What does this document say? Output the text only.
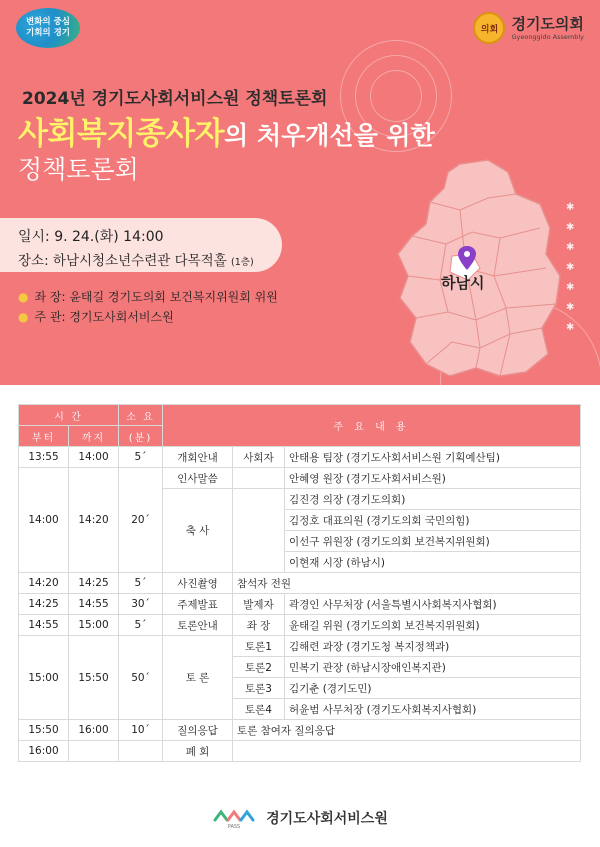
변화의 중심
기회의 경기	의회 경기도의회
Gyeonggido Assembly
2024년 경기도사회서비스원 정책토론회
사회복지종사자의 처우개선을 위한
정책토론회
일시: 9. 24.(화) 14:00
장소: 하남시청소년수련관 다목적홀 (1층)
● 좌 장: 윤태길 경기도의회 보건복지위원회 위원
● 주 관: 경기도사회서비스원
하남시
✱
✱
✱
✱
✱
✱
✱
시 간		소 요	주 요 내 용		
부터	까지	(분)			
13:55	14:00	5´	개회안내	사회자	안태용 팀장 (경기도사회서비스원 기획예산팀)
14:00	14:20	20´	인사말씀		안혜영 원장 (경기도사회서비스원)
			축 사		김진경 의장 (경기도의회)
					김정호 대표의원 (경기도의회 국민의힘)
					이선구 위원장 (경기도의회 보건복지위원회)
					이현재 시장 (하남시)
14:20	14:25	5´	사진촬영	참석자 전원	
14:25	14:55	30´	주제발표	발제자	곽경인 사무처장 (서울특별시사회복지사협회)
14:55	15:00	5´	토론안내	좌 장	윤태길 위원 (경기도의회 보건복지위원회)
15:00	15:50	50´	토 론	토론1	김해련 과장 (경기도청 복지정책과)
				토론2	민복기 관장 (하남시장애인복지관)
				토론3	김기춘 (경기도민)
				토론4	허윤범 사무처장 (경기도사회복지사협회)
15:50	16:00	10´	질의응답	토론 참여자 질의응답	
16:00			폐 회		
PASS 경기도사회서비스원
